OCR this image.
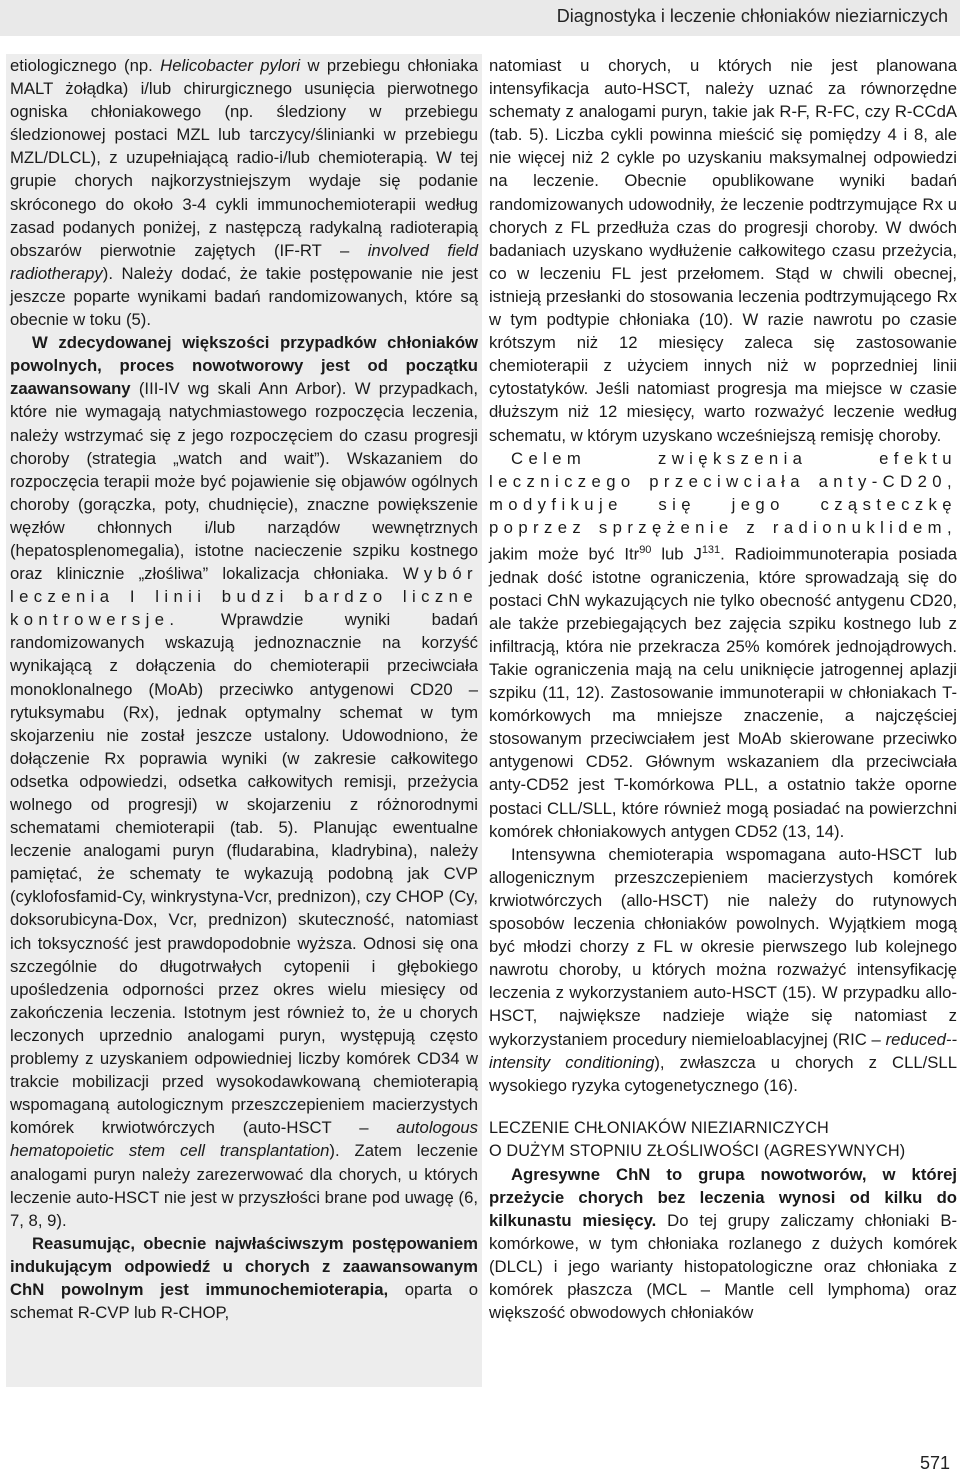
Diagnostyka i leczenie chłoniaków nieziarniczych

etiologicznego (np. Helicobacter pylori w przebiegu chłoniaka MALT żołądka) i/lub chirurgicznego usunięcia pierwotnego ogniska chłoniakowego (np. śledziony w przebiegu śledzionowej postaci MZL lub tarczycy/ślinianki w przebiegu MZL/DLCL), z uzupełniającą radio-i/lub chemioterapią. W tej grupie chorych najkorzystniejszym wydaje się podanie skróconego do około 3-4 cykli immunochemioterapii według zasad podanych poniżej, z następczą radykalną radioterapią obszarów pierwotnie zajętych (IF-RT – involved field radiotherapy). Należy dodać, że takie postępowanie nie jest jeszcze poparte wynikami badań randomizowanych, które są obecnie w toku (5).

W zdecydowanej większości przypadków chłoniaków powolnych, proces nowotworowy jest od początku zaawansowany (III-IV wg skali Ann Arbor). W przypadkach, które nie wymagają natychmiastowego rozpoczęcia leczenia, należy wstrzymać się z jego rozpoczęciem do czasu progresji choroby (strategia „watch and wait”). Wskazaniem do rozpoczęcia terapii może być pojawienie się objawów ogólnych choroby (gorączka, poty, chudnięcie), znaczne powiększenie węzłów chłonnych i/lub narządów wewnętrznych (hepatosplenomegalia), istotne nacieczenie szpiku kostnego oraz klinicznie „złośliwa” lokalizacja chłoniaka. Wybór leczenia I linii budzi bardzo liczne kontrowersje. Wprawdzie wyniki badań randomizowanych wskazują jednoznacznie na korzyść wynikającą z dołączenia do chemioterapii przeciwciała monoklonalnego (MoAb) przeciwko antygenowi CD20 – rytuksymabu (Rx), jednak optymalny schemat w tym skojarzeniu nie został jeszcze ustalony. Udowodniono, że dołączenie Rx poprawia wyniki (w zakresie całkowitego odsetka odpowiedzi, odsetka całkowitych remisji, przeżycia wolnego od progresji) w skojarzeniu z różnorodnymi schematami chemioterapii (tab. 5). Planując ewentualne leczenie analogami puryn (fludarabina, kladrybina), należy pamiętać, że schematy te wykazują podobną jak CVP (cyklofosfamid-Cy, winkrystyna-Vcr, prednizon), czy CHOP (Cy, doksorubicyna-Dox, Vcr, prednizon) skuteczność, natomiast ich toksyczność jest prawdopodobnie wyższa. Odnosi się ona szczególnie do długotrwałych cytopenii i głębokiego upośledzenia odporności przez okres wielu miesięcy od zakończenia leczenia. Istotnym jest również to, że u chorych leczonych uprzednio analogami puryn, występują często problemy z uzyskaniem odpowiedniej liczby komórek CD34 w trakcie mobilizacji przed wysokodawkowaną chemioterapią wspomaganą autologicznym przeszczepieniem macierzystych komórek krwiotwórczych (auto-HSCT – autologous hematopoietic stem cell transplantation). Zatem leczenie analogami puryn należy zarezerwować dla chorych, u których leczenie auto-HSCT nie jest w przyszłości brane pod uwagę (6, 7, 8, 9).

Reasumując, obecnie najwłaściwszym postępowaniem indukującym odpowiedź u chorych z zaawansowanym ChN powolnym jest immunochemioterapia, oparta o schemat R-CVP lub R-CHOP,

natomiast u chorych, u których nie jest planowana intensyfikacja auto-HSCT, należy uznać za równorzędne schematy z analogami puryn, takie jak R-F, R-FC, czy R-CCdA (tab. 5). Liczba cykli powinna mieścić się pomiędzy 4 i 8, ale nie więcej niż 2 cykle po uzyskaniu maksymalnej odpowiedzi na leczenie. Obecnie opublikowane wyniki badań randomizowanych udowodniły, że leczenie podtrzymujące Rx u chorych z FL przedłuża czas do progresji choroby. W dwóch badaniach uzyskano wydłużenie całkowitego czasu przeżycia, co w leczeniu FL jest przełomem. Stąd w chwili obecnej, istnieją przesłanki do stosowania leczenia podtrzymującego Rx w tym podtypie chłoniaka (10). W razie nawrotu po czasie krótszym niż 12 miesięcy zaleca się zastosowanie chemioterapii z użyciem innych niż w poprzedniej linii cytostatyków. Jeśli natomiast progresja ma miejsce w czasie dłuższym niż 12 miesięcy, warto rozważyć leczenie według schematu, w którym uzyskano wcześniejszą remisję choroby.

Celem zwiększenia efektu leczniczego przeciwciała anty-CD20, modyfikuje się jego cząsteczkę poprzez sprzężenie z radionuklidem, jakim może być Itr$^{90}$ lub $J^{131}$. Radioimmunoterapia posiada jednak dość istotne ograniczenia, które sprowadzają się do postaci ChN wykazujących nie tylko obecność antygenu CD20, ale także przebiegających bez zajęcia szpiku kostnego lub z infiltracją, która nie przekracza 25% komórek jednojądrowych. Takie ograniczenia mają na celu uniknięcie jatrogennej aplazji szpiku (11, 12). Zastosowanie immunoterapii w chłoniakach T-komórkowych ma mniejsze znaczenie, a najczęściej stosowanym przeciwciałem jest MoAb skierowane przeciwko antygenowi CD52. Głównym wskazaniem dla przeciwciała anty-CD52 jest T-komórkowa PLL, a ostatnio także oporne postaci CLL/SLL, które również mogą posiadać na powierzchni komórek chłoniakowych antygen CD52 (13, 14).

Intensywna chemioterapia wspomagana auto-HSCT lub allogenicznym przeszczepieniem macierzystych komórek krwiotwórczych (allo-HSCT) nie należy do rutynowych sposobów leczenia chłoniaków powolnych. Wyjątkiem mogą być młodzi chorzy z FL w okresie pierwszego lub kolejnego nawrotu choroby, u których można rozważyć intensyfikację leczenia z wykorzystaniem auto-HSCT (15). W przypadku allo-HSCT, największe nadzieje wiąże się natomiast z wykorzystaniem procedury niemieloablacyjnej (RIC – reduced--intensity conditioning), zwłaszcza u chorych z CLL/SLL wysokiego ryzyka cytogenetycznego (16).

LECZENIE CHŁONIAKÓW NIEZIARNICZYCH
O DUŻYM STOPNIU ZŁOŚLIWOŚCI (AGRESYWNYCH)

Agresywne ChN to grupa nowotworów, w której przeżycie chorych bez leczenia wynosi od kilku do kilkunastu miesięcy. Do tej grupy zaliczamy chłoniaki B-komórkowe, w tym chłoniaka rozlanego z dużych komórek (DLCL) i jego warianty histopatologiczne oraz chłoniaka z komórek płaszcza (MCL – Mantle cell lymphoma) oraz większość obwodowych chłoniaków

571
